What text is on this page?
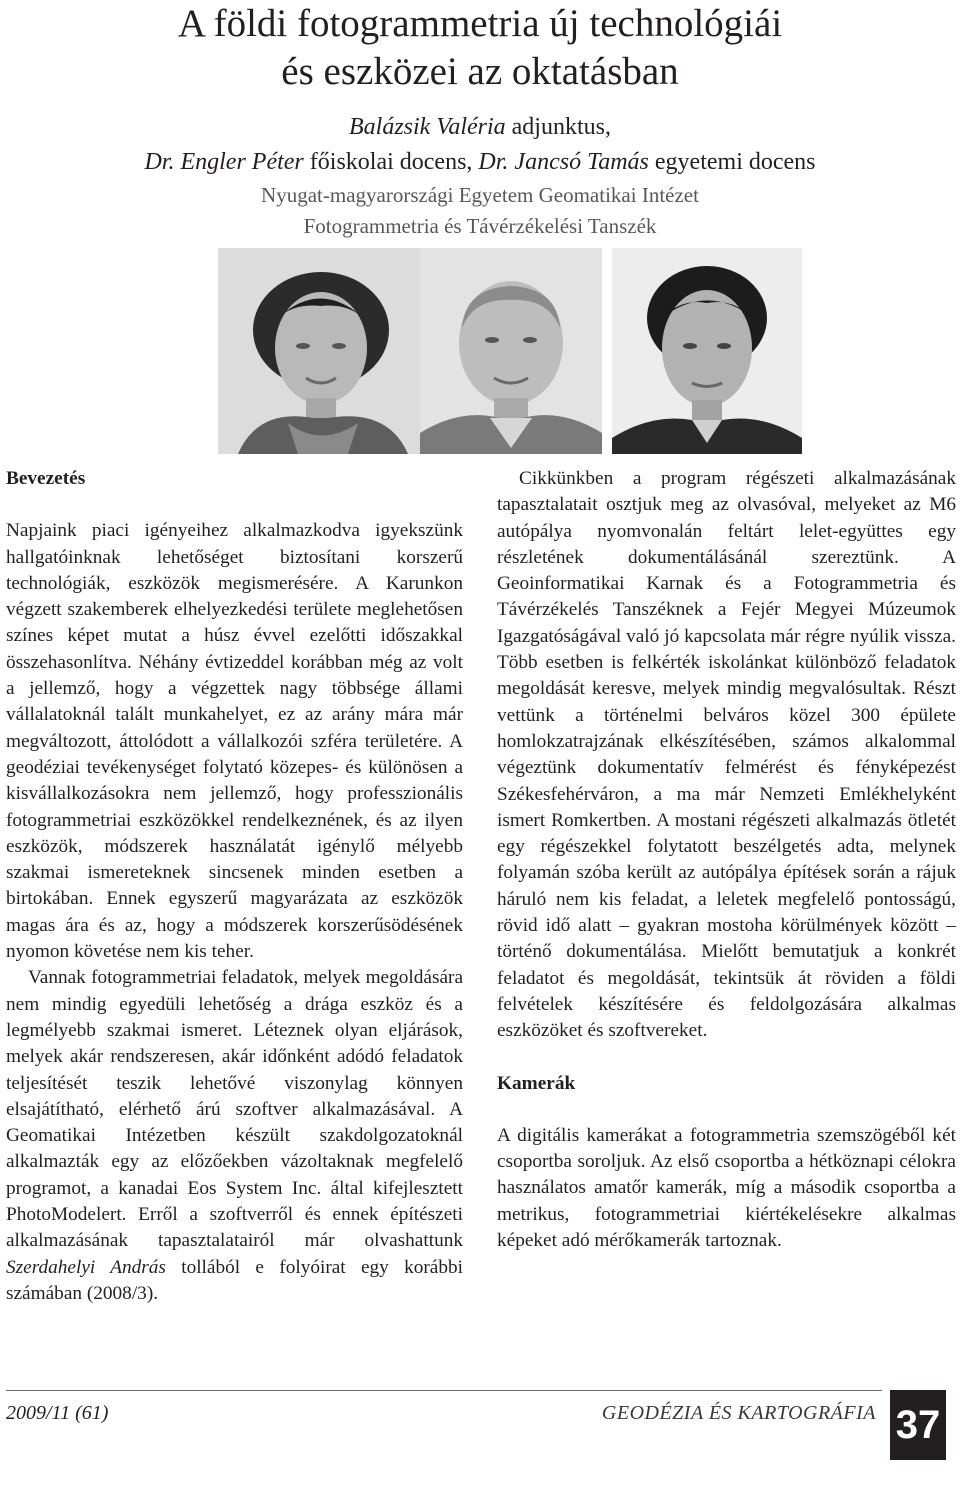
A földi fotogrammetria új technológiái
és eszközei az oktatásban
Balázsik Valéria adjunktus,
Dr. Engler Péter főiskolai docens, Dr. Jancsó Tamás egyetemi docens
Nyugat-magyarországi Egyetem Geomatikai Intézet
Fotogrammetria és Távérzékelési Tanszék
Bevezetés

Napjaink piaci igényeihez alkalmazkodva igyekszünk hallgatóinknak lehetőséget biztosítani korszerű technológiák, eszközök megismerésére. A Karunkon végzett szakemberek elhelyezkedési területe meglehetősen színes képet mutat a húsz évvel ezelőtti időszakkal összehasonlítva. Néhány évtizeddel korábban még az volt a jellemző, hogy a végzettek nagy többsége állami vállalatoknál talált munkahelyet, ez az arány mára már megváltozott, áttolódott a vállalkozói szféra területére. A geodéziai tevékenységet folytató közepes- és különösen a kisvállalkozásokra nem jellemző, hogy professzionális fotogrammetriai eszközökkel rendelkeznének, és az ilyen eszközök, módszerek használatát igénylő mélyebb szakmai ismereteknek sincsenek minden esetben a birtokában. Ennek egyszerű magyarázata az eszközök magas ára és az, hogy a módszerek korszerűsödésének nyomon követése nem kis teher.

Vannak fotogrammetriai feladatok, melyek megoldására nem mindig egyedüli lehetőség a drága eszköz és a legmélyebb szakmai ismeret. Léteznek olyan eljárások, melyek akár rendszeresen, akár időnként adódó feladatok teljesítését teszik lehetővé viszonylag könnyen elsajátítható, elérhető árú szoftver alkalmazásával. A Geomatikai Intézetben készült szakdolgozatoknál alkalmazták egy az előzőekben vázoltaknak megfelelő programot, a kanadai Eos System Inc. által kifejlesztett PhotoModelert. Erről a szoftverről és ennek építészeti alkalmazásának tapasztalatairól már olvashattunk Szerdahelyi András tollából e folyóirat egy korábbi számában (2008/3).

Cikkünkben a program régészeti alkalmazásának tapasztalatait osztjuk meg az olvasóval, melyeket az M6 autópálya nyomvonalán feltárt lelet-együttes egy részletének dokumentálásánál szereztünk. A Geoinformatikai Karnak és a Fotogrammetria és Távérzékelés Tanszéknek a Fejér Megyei Múzeumok Igazgatóságával való jó kapcsolata már régre nyúlik vissza. Több esetben is felkérték iskolánkat különböző feladatok megoldását keresve, melyek mindig megvalósultak. Részt vettünk a történelmi belváros közel 300 épülete homlokzatrajzának elkészítésében, számos alkalommal végeztünk dokumentatív felmérést és fényképezést Székesfehérváron, a ma már Nemzeti Emlékhelyként ismert Romkertben. A mostani régészeti alkalmazás ötletét egy régészekkel folytatott beszélgetés adta, melynek folyamán szóba került az autópálya építések során a rájuk háruló nem kis feladat, a leletek megfelelő pontosságú, rövid idő alatt – gyakran mostoha körülmények között – történő dokumentálása. Mielőtt bemutatjuk a konkrét feladatot és megoldását, tekintsük át röviden a földi felvételek készítésére és feldolgozására alkalmas eszközöket és szoftvereket.

Kamerák

A digitális kamerákat a fotogrammetria szemszögéből két csoportba soroljuk. Az első csoportba a hétköznapi célokra használatos amatőr kamerák, míg a második csoportba a metrikus, fotogrammetriai kiértékelésekre alkalmas képeket adó mérőkamerák tartoznak.

2009/11 (61)	GEODÉZIA ÉS KARTOGRÁFIA 37
